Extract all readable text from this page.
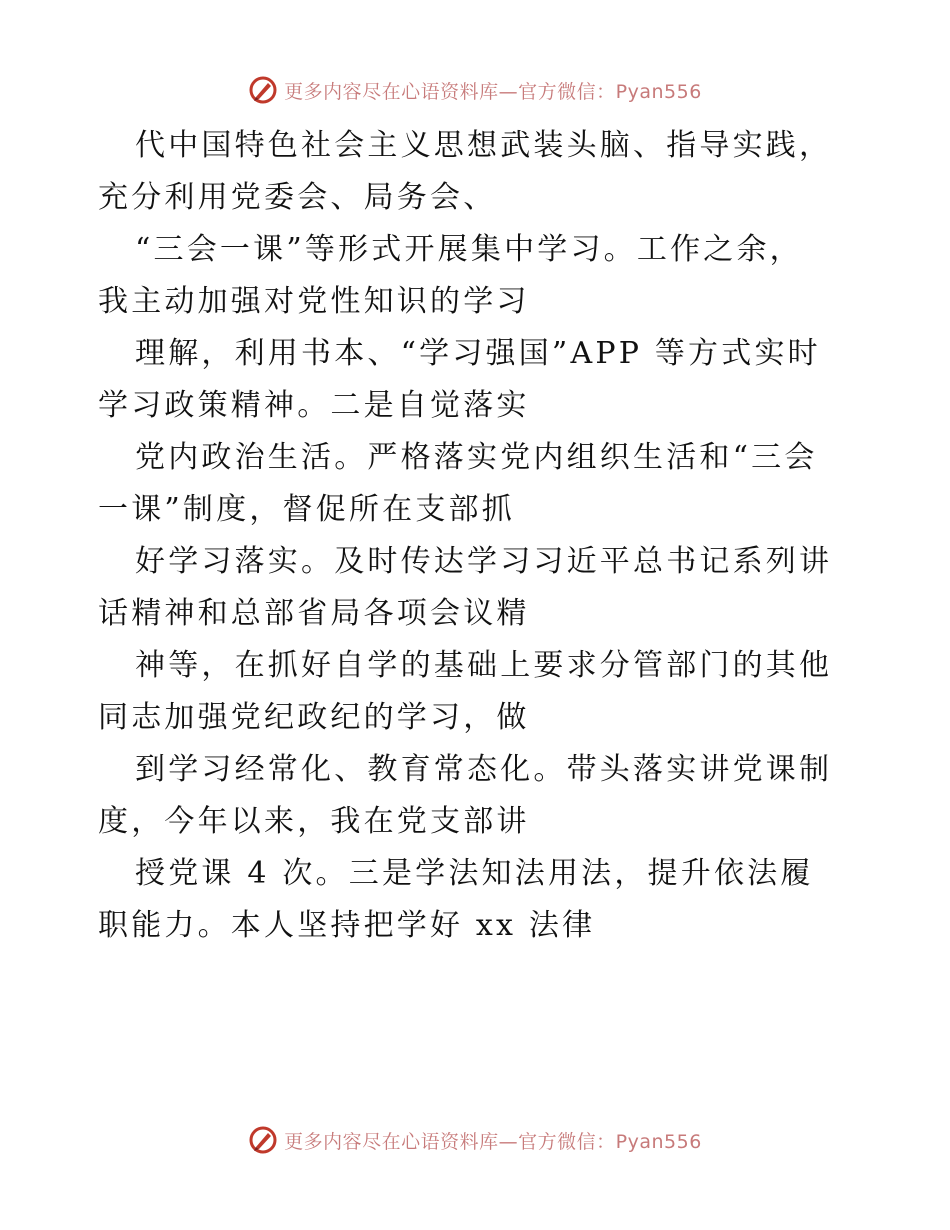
更多内容尽在心语资料库—官方微信：Pyan556
代中国特色社会主义思想武装头脑、指导实践，
充分利用党委会、局务会、
“三会一课”等形式开展集中学习。工作之余，
我主动加强对党性知识的学习
理解，利用书本、“学习强国”APP 等方式实时
学习政策精神。二是自觉落实
党内政治生活。严格落实党内组织生活和“三会
一课”制度，督促所在支部抓
好学习落实。及时传达学习习近平总书记系列讲
话精神和总部省局各项会议精
神等，在抓好自学的基础上要求分管部门的其他
同志加强党纪政纪的学习，做
到学习经常化、教育常态化。带头落实讲党课制
度，今年以来，我在党支部讲
授党课 4 次。三是学法知法用法，提升依法履
职能力。本人坚持把学好 xx 法律
更多内容尽在心语资料库—官方微信：Pyan556
